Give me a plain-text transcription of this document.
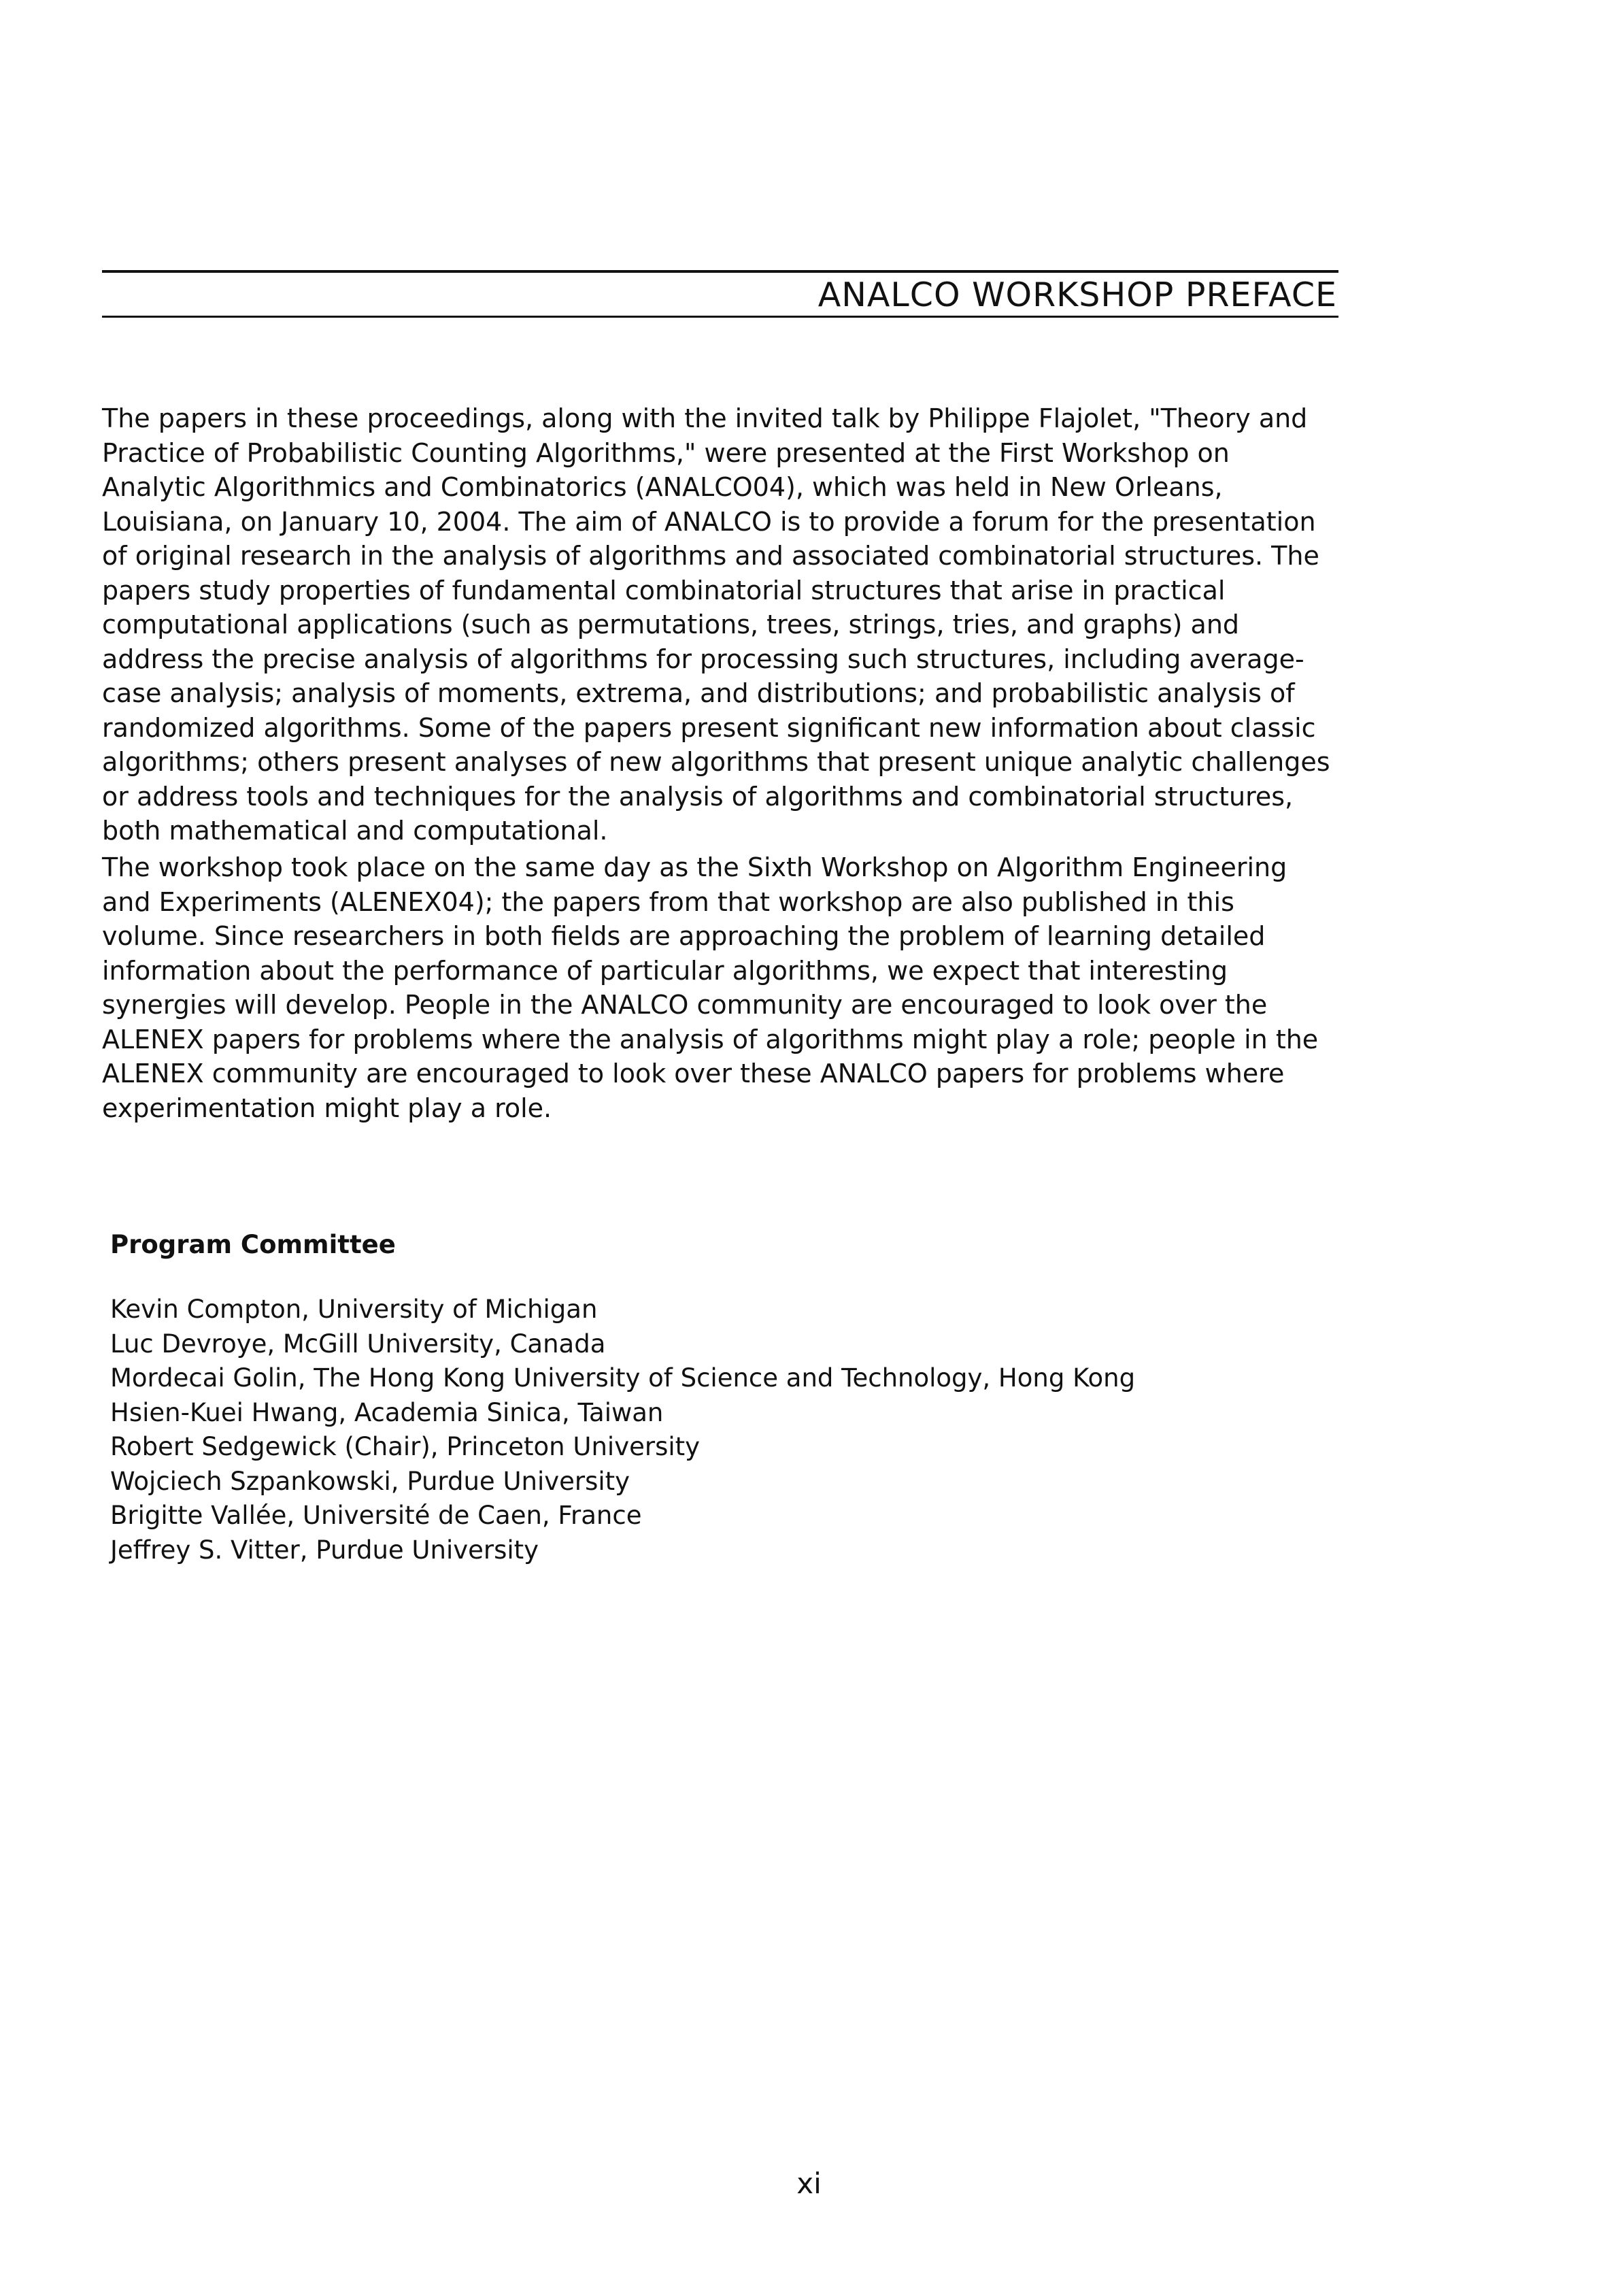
ANALCO WORKSHOP PREFACE

The papers in these proceedings, along with the invited talk by Philippe Flajolet, "Theory and Practice of Probabilistic Counting Algorithms," were presented at the First Workshop on Analytic Algorithmics and Combinatorics (ANALCO04), which was held in New Orleans, Louisiana, on January 10, 2004. The aim of ANALCO is to provide a forum for the presentation of original research in the analysis of algorithms and associated combinatorial structures. The papers study properties of fundamental combinatorial structures that arise in practical computational applications (such as permutations, trees, strings, tries, and graphs) and address the precise analysis of algorithms for processing such structures, including average-case analysis; analysis of moments, extrema, and distributions; and probabilistic analysis of randomized algorithms. Some of the papers present significant new information about classic algorithms; others present analyses of new algorithms that present unique analytic challenges or address tools and techniques for the analysis of algorithms and combinatorial structures, both mathematical and computational.

The workshop took place on the same day as the Sixth Workshop on Algorithm Engineering and Experiments (ALENEX04); the papers from that workshop are also published in this volume. Since researchers in both fields are approaching the problem of learning detailed information about the performance of particular algorithms, we expect that interesting synergies will develop. People in the ANALCO community are encouraged to look over the ALENEX papers for problems where the analysis of algorithms might play a role; people in the ALENEX community are encouraged to look over these ANALCO papers for problems where experimentation might play a role.

Program Committee
Kevin Compton, University of Michigan
Luc Devroye, McGill University, Canada
Mordecai Golin, The Hong Kong University of Science and Technology, Hong Kong
Hsien-Kuei Hwang, Academia Sinica, Taiwan
Robert Sedgewick (Chair), Princeton University
Wojciech Szpankowski, Purdue University
Brigitte Vallée, Université de Caen, France
Jeffrey S. Vitter, Purdue University
xi
